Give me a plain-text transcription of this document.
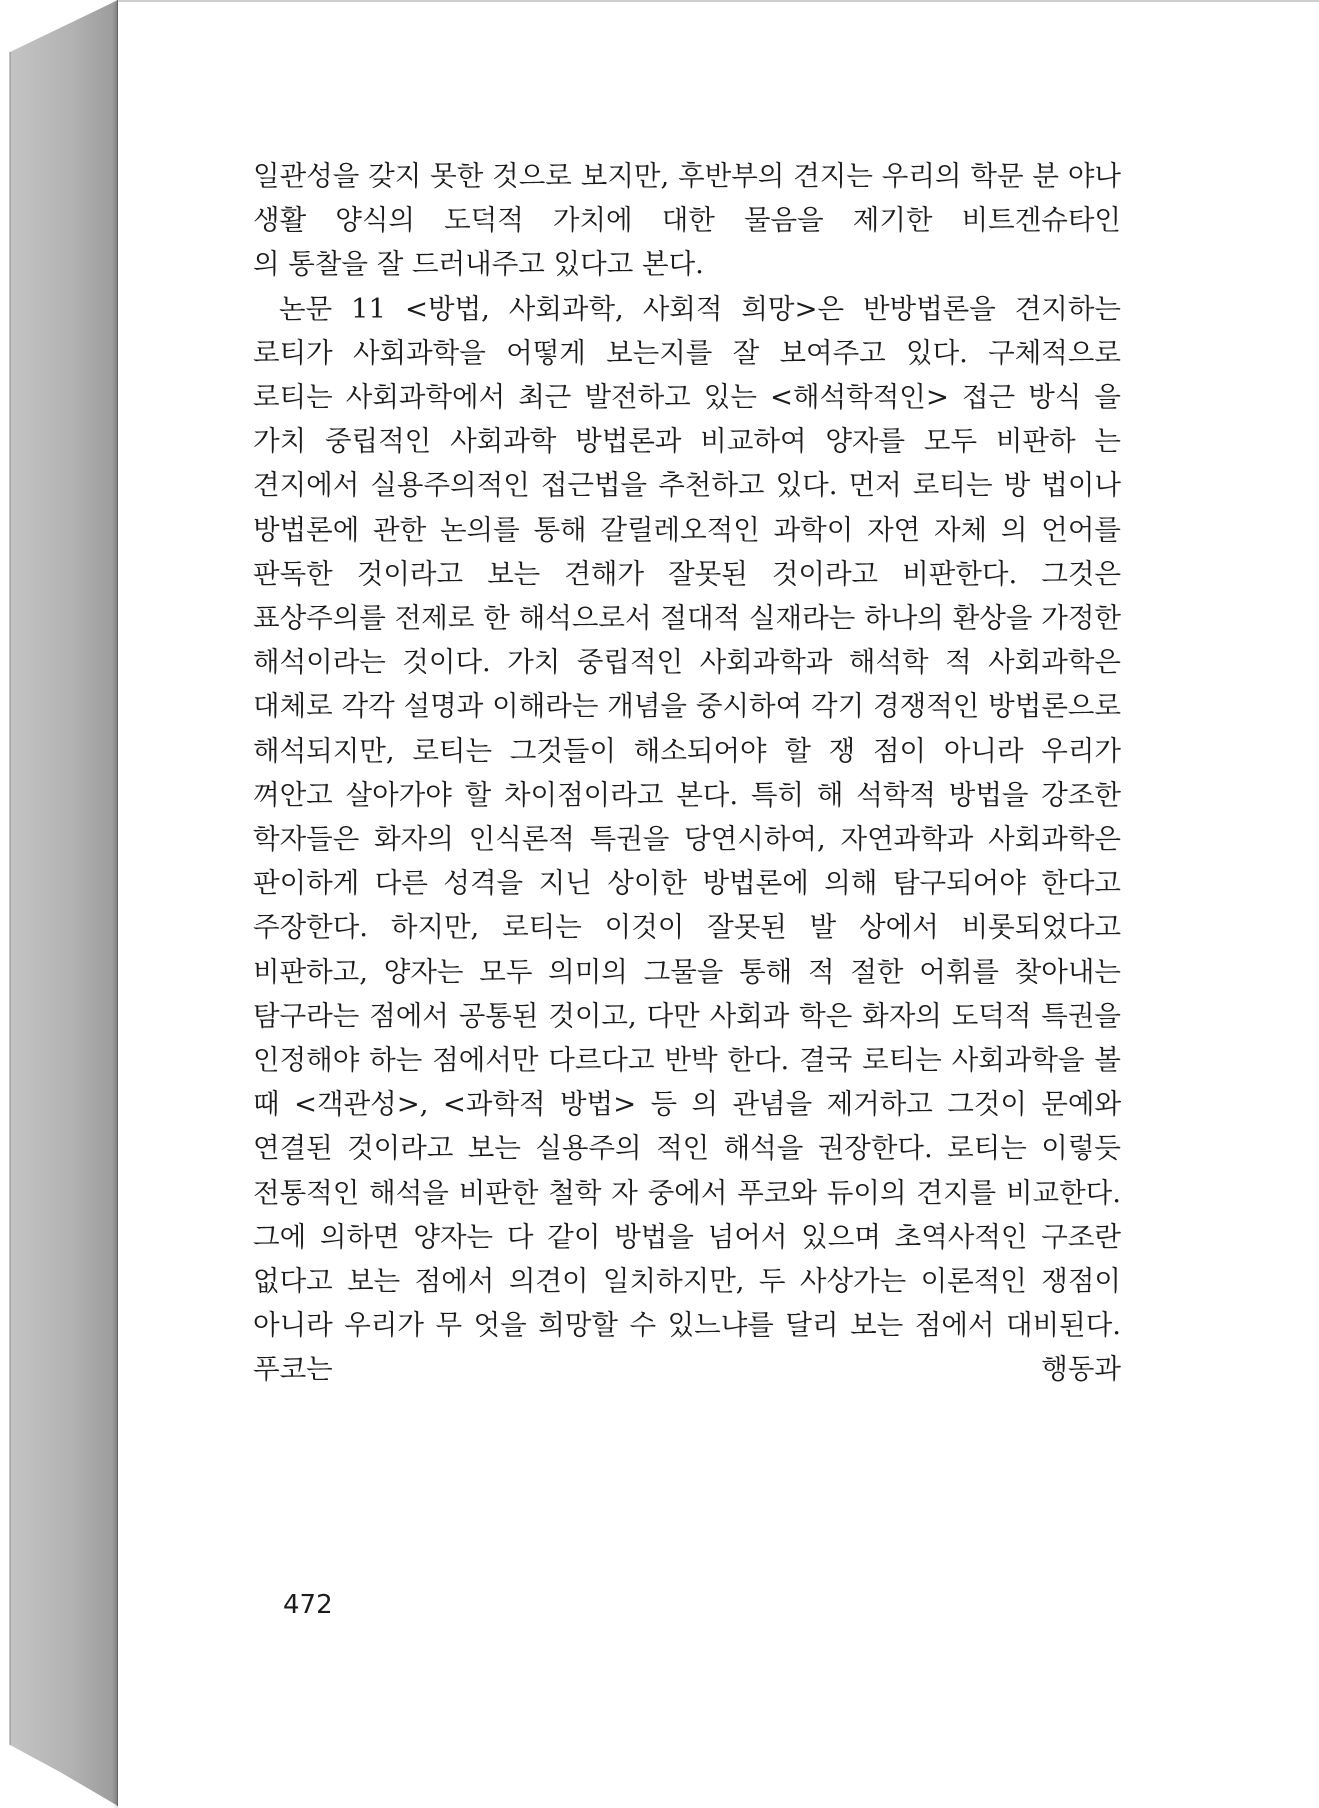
일관성을 갖지 못한 것으로 보지만, 후반부의 견지는 우리의 학문 분 야나 생활 양식의 도덕적 가치에 대한 물음을 제기한 비트겐슈타인
의 통찰을 잘 드러내주고 있다고 본다.

논문 11 <방법, 사회과학, 사회적 희망>은 반방법론을 견지하는 로티가 사회과학을 어떻게 보는지를 잘 보여주고 있다. 구체적으로 로티는 사회과학에서 최근 발전하고 있는 <해석학적인> 접근 방식 을 가치 중립적인 사회과학 방법론과 비교하여 양자를 모두 비판하 는 견지에서 실용주의적인 접근법을 추천하고 있다. 먼저 로티는 방 법이나 방법론에 관한 논의를 통해 갈릴레오적인 과학이 자연 자체 의 언어를 판독한 것이라고 보는 견해가 잘못된 것이라고 비판한다. 그것은 표상주의를 전제로 한 해석으로서 절대적 실재라는 하나의 환상을 가정한 해석이라는 것이다. 가치 중립적인 사회과학과 해석학 적 사회과학은 대체로 각각 설명과 이해라는 개념을 중시하여 각기 경쟁적인 방법론으로 해석되지만, 로티는 그것들이 해소되어야 할 쟁 점이 아니라 우리가 껴안고 살아가야 할 차이점이라고 본다. 특히 해 석학적 방법을 강조한 학자들은 화자의 인식론적 특권을 당연시하여, 자연과학과 사회과학은 판이하게 다른 성격을 지닌 상이한 방법론에 의해 탐구되어야 한다고 주장한다. 하지만, 로티는 이것이 잘못된 발 상에서 비롯되었다고 비판하고, 양자는 모두 의미의 그물을 통해 적 절한 어휘를 찾아내는 탐구라는 점에서 공통된 것이고, 다만 사회과 학은 화자의 도덕적 특권을 인정해야 하는 점에서만 다르다고 반박 한다. 결국 로티는 사회과학을 볼 때 <객관성>, <과학적 방법> 등 의 관념을 제거하고 그것이 문예와 연결된 것이라고 보는 실용주의 적인 해석을 권장한다. 로티는 이렇듯 전통적인 해석을 비판한 철학 자 중에서 푸코와 듀이의 견지를 비교한다. 그에 의하면 양자는 다 같이 방법을 넘어서 있으며 초역사적인 구조란 없다고 보는 점에서 의견이 일치하지만, 두 사상가는 이론적인 쟁점이 아니라 우리가 무 엇을 희망할 수 있느냐를 달리 보는 점에서 대비된다. 푸코는 행동과

472
